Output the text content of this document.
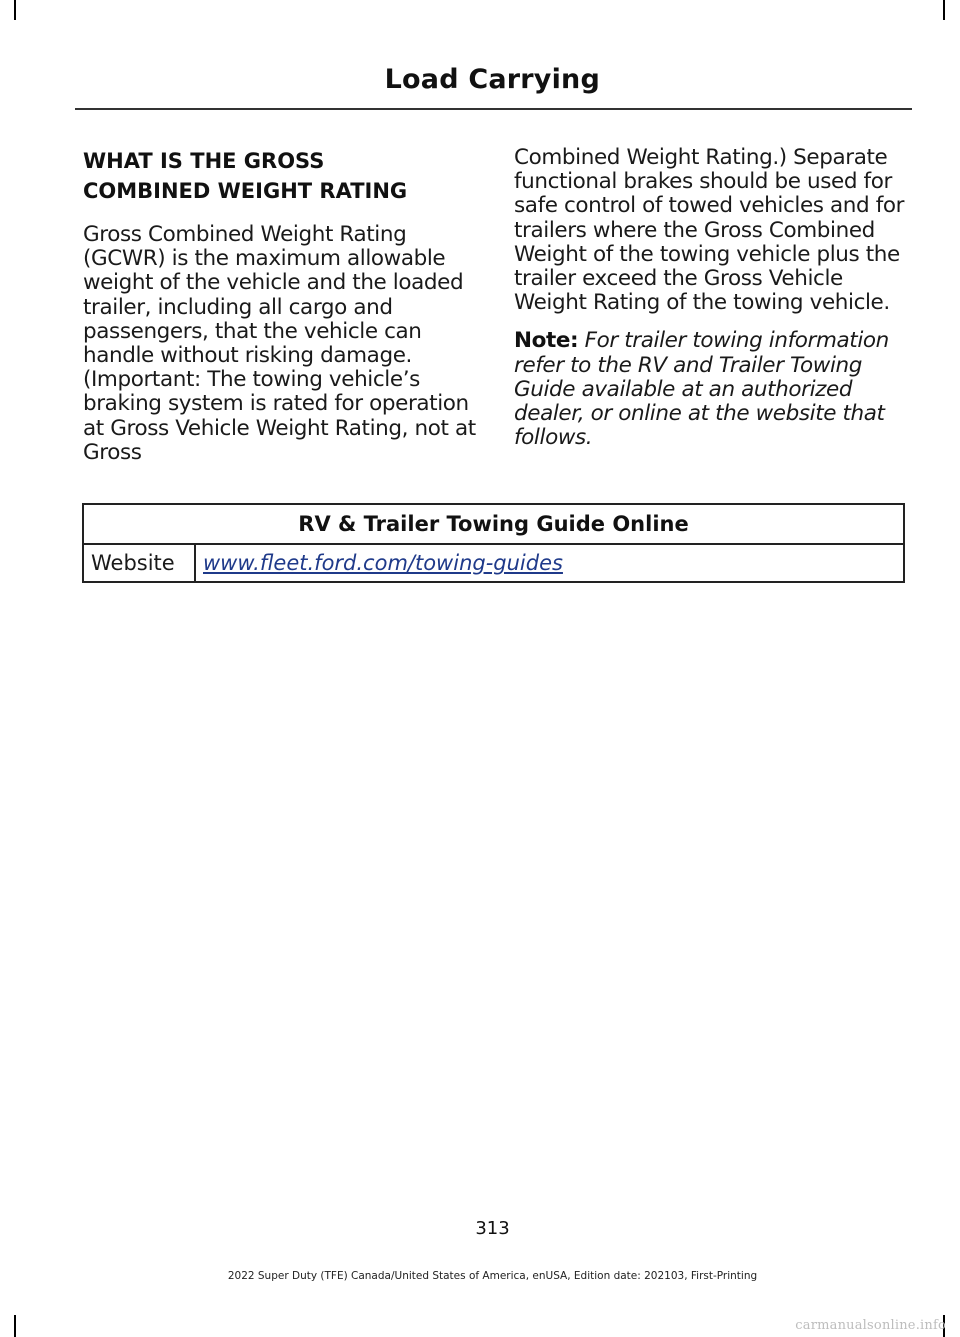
Load Carrying
WHAT IS THE GROSS
COMBINED WEIGHT RATING

Gross Combined Weight Rating (GCWR) is the maximum allowable weight of the vehicle and the loaded trailer, including all cargo and passengers, that the vehicle can handle without risking damage. (Important: The towing vehicle’s braking system is rated for operation at Gross Vehicle Weight Rating, not at Gross

Combined Weight Rating.) Separate functional brakes should be used for safe control of towed vehicles and for trailers where the Gross Combined Weight of the towing vehicle plus the trailer exceed the Gross Vehicle Weight Rating of the towing vehicle.

Note: For trailer towing information refer to the RV and Trailer Towing Guide available at an authorized dealer, or online at the website that follows.

RV & Trailer Towing Guide Online
Website	www.fleet.ford.com/towing-guides
313
2022 Super Duty (TFE) Canada/United States of America, enUSA, Edition date: 202103, First-Printing
carmanualsonline.info
